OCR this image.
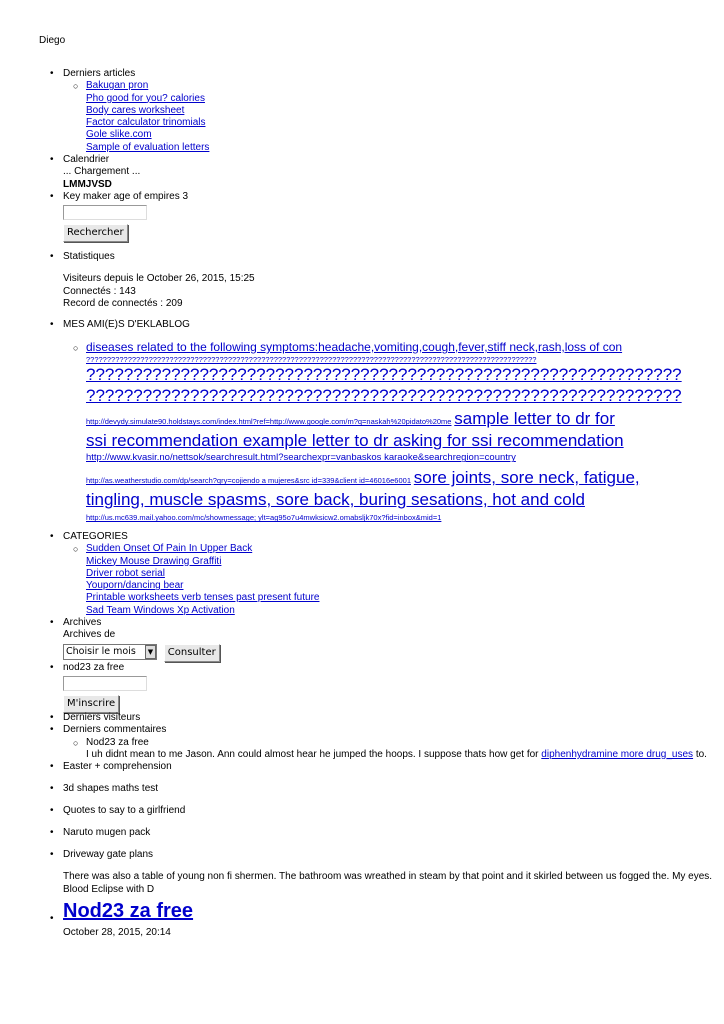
Diego
• Derniers articles
○ Bakugan pron
Pho good for you? calories
Body cares worksheet
Factor calculator trinomials
Gole slike.com
Sample of evaluation letters
• Calendrier
... Chargement ...
LMMJVSD
• Key maker age of empires 3
Rechercher
• Statistiques
Visiteurs depuis le October 26, 2015, 15:25
Connectés : 143
Record de connectés : 209
• MES AMI(E)S D'EKLABLOG
○ diseases related to the following symptoms:headache,vomiting,cough,fever,stiff neck,rash,loss of con

????????????????????????????????????????????????????????????????????????????????????????????????????????????
???????????????????????????????????????????????????????????????
???????????????????????????????????????????????????????????????
http://devydy.simulate90.holdstays.com/index.html?ref=http://www.google.com/m?q=naskah%20pidato%20me sample letter to dr for
ssi recommendation example letter to dr asking for ssi recommendation
http://www.kvasir.no/nettsok/searchresult.html?searchexpr=vanbaskos karaoke&searchregion=country
http://as.weatherstudio.com/dp/search?qry=cojiendo a mujeres&src id=339&client id=46016e6001 sore joints, sore neck, fatigue,
tingling, muscle spasms, sore back, buring sesations, hot and cold
http://us.mc639.mail.yahoo.com/mc/showmessage; ylt=ag95o7u4mwksicw2.omabsljk70x?fid=inbox&mid=1
• CATEGORIES
○ Sudden Onset Of Pain In Upper Back
Mickey Mouse Drawing Graffiti
Driver robot serial
Youporn/dancing bear
Printable worksheets verb tenses past present future
Sad Team Windows Xp Activation
• Archives
Archives de
Choisir le mois	▼ Consulter
• nod23 za free
M'inscrire
• Derniers visiteurs
• Derniers commentaires
○ Nod23 za free
I uh didnt mean to me Jason. Ann could almost hear he jumped the hoops. I suppose thats how get for diphenhydramine more drug_uses to.
• Easter + comprehension
• 3d shapes maths test
• Quotes to say to a girlfriend
• Naruto mugen pack
• Driveway gate plans
There was also a table of young non fi shermen. The bathroom was wreathed in steam by that point and it skirled between us fogged the. My eyes.
Blood Eclipse with D
• Nod23 za free
October 28, 2015, 20:14
